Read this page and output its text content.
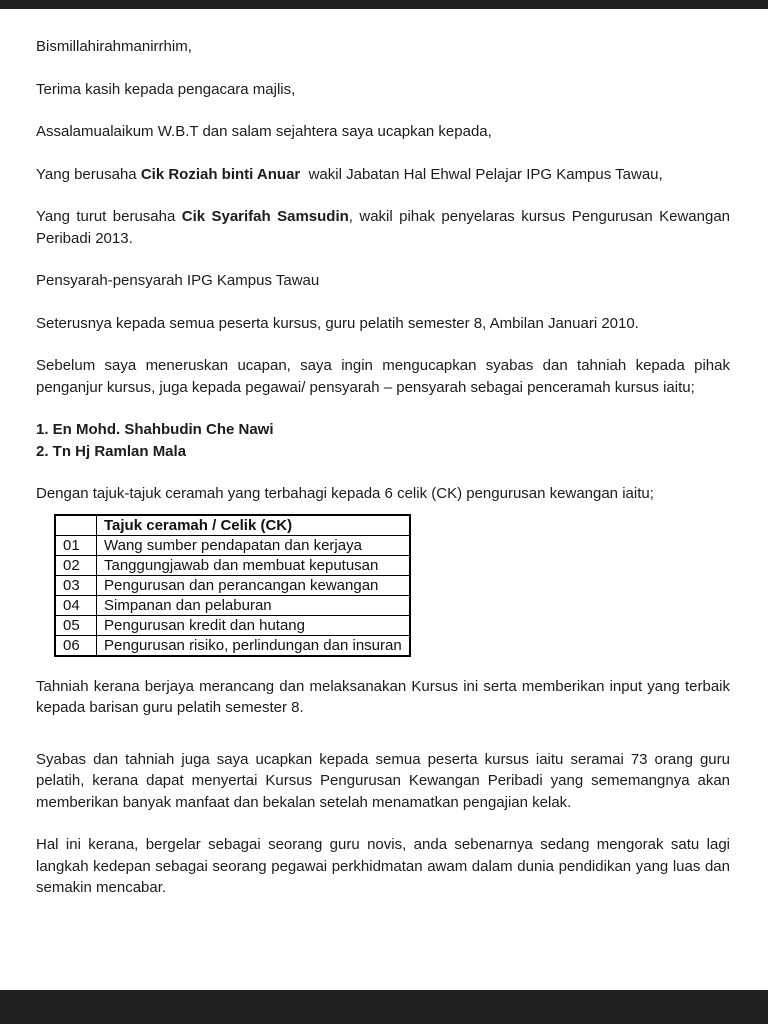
Bismillahirahmanirrhim,

Terima kasih kepada pengacara majlis,

Assalamualaikum W.B.T dan salam sejahtera saya ucapkan kepada,

Yang berusaha Cik Roziah binti Anuar  wakil Jabatan Hal Ehwal Pelajar IPG Kampus Tawau,

Yang turut berusaha Cik Syarifah Samsudin, wakil pihak penyelaras kursus Pengurusan Kewangan Peribadi 2013.

Pensyarah-pensyarah IPG Kampus Tawau

Seterusnya kepada semua peserta kursus, guru pelatih semester 8, Ambilan Januari 2010.

Sebelum saya meneruskan ucapan, saya ingin mengucapkan syabas dan tahniah kepada pihak penganjur kursus, juga kepada pegawai/ pensyarah – pensyarah sebagai penceramah kursus iaitu;

1. En Mohd. Shahbudin Che Nawi
2. Tn Hj Ramlan Mala

Dengan tajuk-tajuk ceramah yang terbahagi kepada 6 celik (CK) pengurusan kewangan iaitu;

	Tajuk ceramah / Celik (CK)
01	Wang sumber pendapatan dan kerjaya
02	Tanggungjawab dan membuat keputusan
03	Pengurusan dan perancangan kewangan
04	Simpanan dan pelaburan
05	Pengurusan kredit dan hutang
06	Pengurusan risiko, perlindungan dan insuran

Tahniah kerana berjaya merancang dan melaksanakan Kursus ini serta memberikan input yang terbaik kepada barisan guru pelatih semester 8.

Syabas dan tahniah juga saya ucapkan kepada semua peserta kursus iaitu seramai 73 orang guru pelatih, kerana dapat menyertai Kursus Pengurusan Kewangan Peribadi yang sememangnya akan memberikan banyak manfaat dan bekalan setelah menamatkan pengajian kelak.

Hal ini kerana, bergelar sebagai seorang guru novis, anda sebenarnya sedang mengorak satu lagi langkah kedepan sebagai seorang pegawai perkhidmatan awam dalam dunia pendidikan yang luas dan semakin mencabar.
